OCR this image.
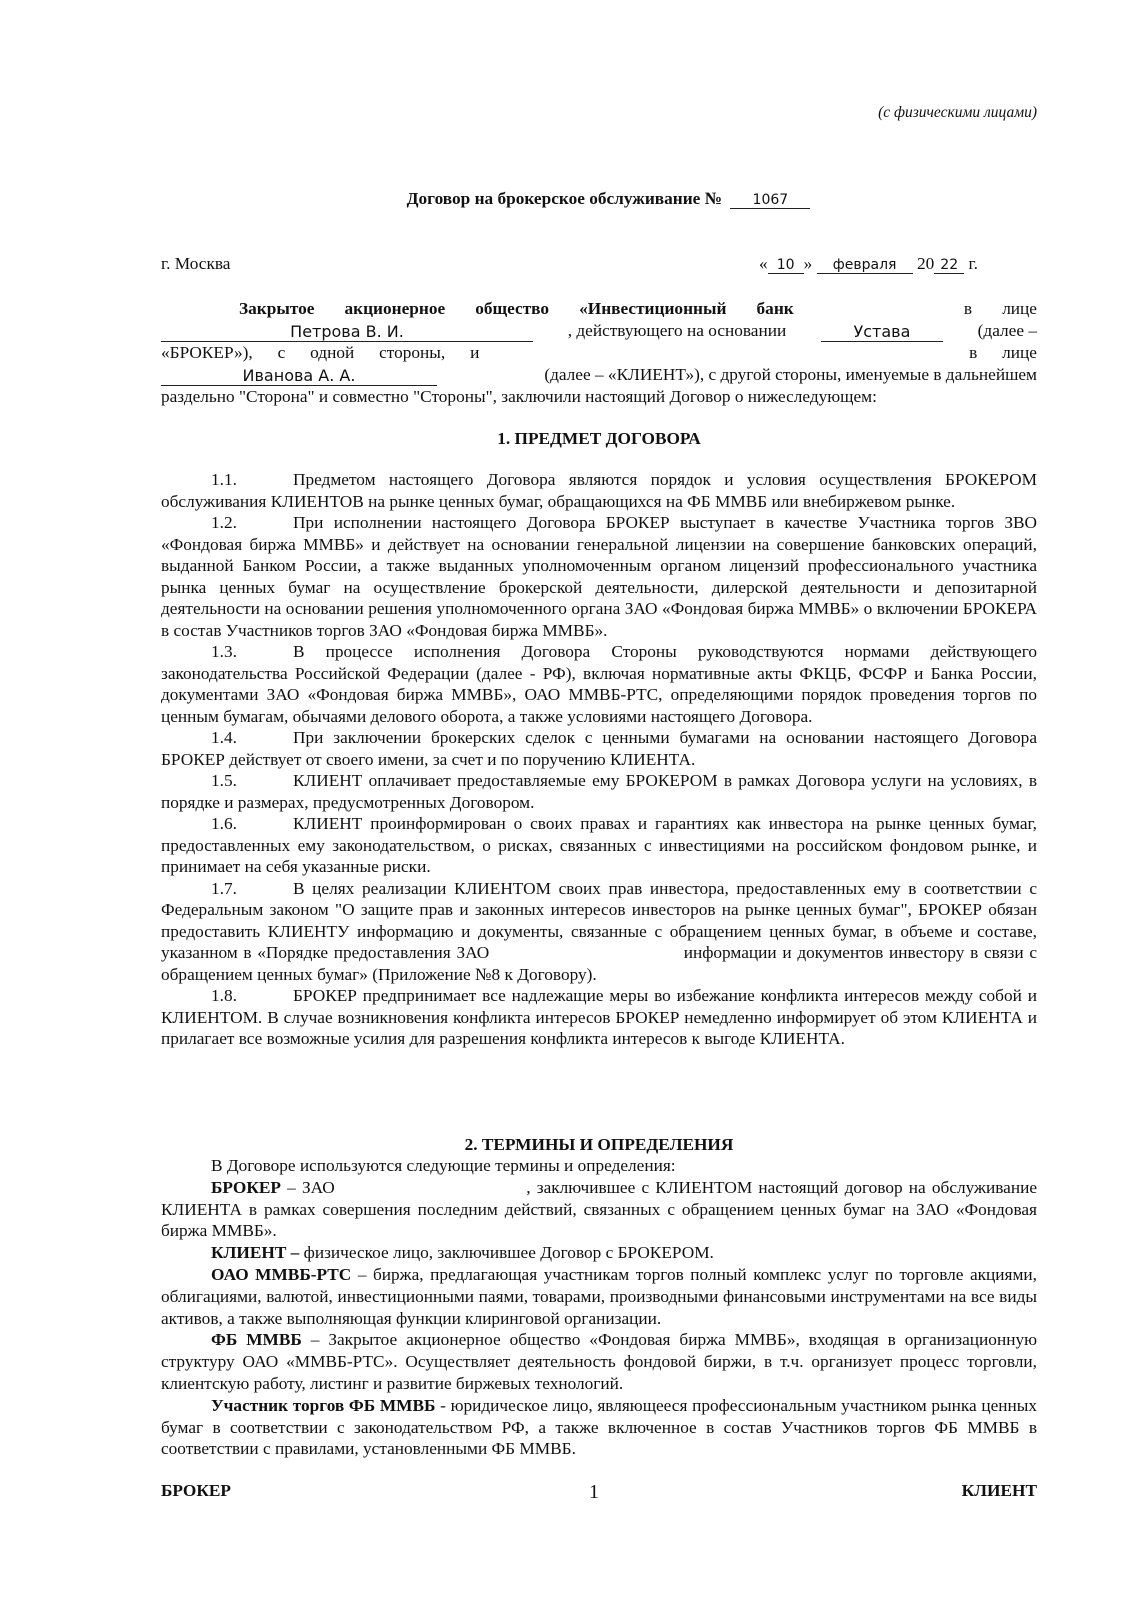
(с физическими лицами)
Договор на брокерское обслуживание № 1067
г. Москва	« 10 » февраля 20 22 г.
Закрытое акционерное общество «Инвестиционный банк	в лице
Петрова В. И.	, действующего на основании	Устава	(далее –
«БРОКЕР»), с одной стороны, и	в лице
Иванова А. А.	(далее – «КЛИЕНТ»), с другой стороны, именуемые в дальнейшем
раздельно "Сторона" и совместно "Стороны", заключили настоящий Договор о нижеследующем:
1. ПРЕДМЕТ ДОГОВОРА

1.1.	Предметом настоящего Договора являются порядок и условия осуществления БРОКЕРОМ обслуживания КЛИЕНТОВ на рынке ценных бумаг, обращающихся на ФБ ММВБ или внебиржевом рынке.

1.2.	При исполнении настоящего Договора БРОКЕР выступает в качестве Участника торгов ЗВО «Фондовая биржа ММВБ» и действует на основании генеральной лицензии на совершение банковских операций, выданной Банком России, а также выданных уполномоченным органом лицензий профессионального участника рынка ценных бумаг на осуществление брокерской деятельности, дилерской деятельности и депозитарной деятельности на основании решения уполномоченного органа ЗАО «Фондовая биржа ММВБ» о включении БРОКЕРА в состав Участников торгов ЗАО «Фондовая биржа ММВБ».

1.3.	В процессе исполнения Договора Стороны руководствуются нормами действующего законодательства Российской Федерации (далее - РФ), включая нормативные акты ФКЦБ, ФСФР и Банка России, документами ЗАО «Фондовая биржа ММВБ», ОАО ММВБ-РТС, определяющими порядок проведения торгов по ценным бумагам, обычаями делового оборота, а также условиями настоящего Договора.

1.4.	При заключении брокерских сделок с ценными бумагами на основании настоящего Договора БРОКЕР действует от своего имени, за счет и по поручению КЛИЕНТА.

1.5.	КЛИЕНТ оплачивает предоставляемые ему БРОКЕРОМ в рамках Договора услуги на условиях, в порядке и размерах, предусмотренных Договором.

1.6.	КЛИЕНТ проинформирован о своих правах и гарантиях как инвестора на рынке ценных бумаг, предоставленных ему законодательством, о рисках, связанных с инвестициями на российском фондовом рынке, и принимает на себя указанные риски.

1.7.	В целях реализации КЛИЕНТОМ своих прав инвестора, предоставленных ему в соответствии с Федеральным законом "О защите прав и законных интересов инвесторов на рынке ценных бумаг", БРОКЕР обязан предоставить КЛИЕНТУ информацию и документы, связанные с обращением ценных бумаг, в объеме и составе, указанном в «Порядке предоставления ЗАО                                  информации и документов инвестору в связи с обращением ценных бумаг» (Приложение №8 к Договору).

1.8.	БРОКЕР предпринимает все надлежащие меры во избежание конфликта интересов между собой и КЛИЕНТОМ. В случае возникновения конфликта интересов БРОКЕР немедленно информирует об этом КЛИЕНТА и прилагает все возможные усилия для разрешения конфликта интересов к выгоде КЛИЕНТА.

2. ТЕРМИНЫ И ОПРЕДЕЛЕНИЯ

В Договоре используются следующие термины и определения:

БРОКЕР – ЗАО                               , заключившее с КЛИЕНТОМ настоящий договор на обслуживание КЛИЕНТА в рамках совершения последним действий, связанных с обращением ценных бумаг на ЗАО «Фондовая биржа ММВБ».

КЛИЕНТ – физическое лицо, заключившее Договор с БРОКЕРОМ.

ОАО ММВБ-РТС – биржа, предлагающая участникам торгов полный комплекс услуг по торговле акциями, облигациями, валютой, инвестиционными паями, товарами, производными финансовыми инструментами на все виды активов, а также выполняющая функции клиринговой организации.

ФБ ММВБ – Закрытое акционерное общество «Фондовая биржа ММВБ», входящая в организационную структуру ОАО «ММВБ-РТС». Осуществляет деятельность фондовой биржи, в т.ч. организует процесс торговли, клиентскую работу, листинг и развитие биржевых технологий.

Участник торгов ФБ ММВБ - юридическое лицо, являющееся профессиональным участником рынка ценных бумаг в соответствии с законодательством РФ, а также включенное в состав Участников торгов ФБ ММВБ в соответствии с правилами, установленными ФБ ММВБ.

БРОКЕР	1	КЛИЕНТ
